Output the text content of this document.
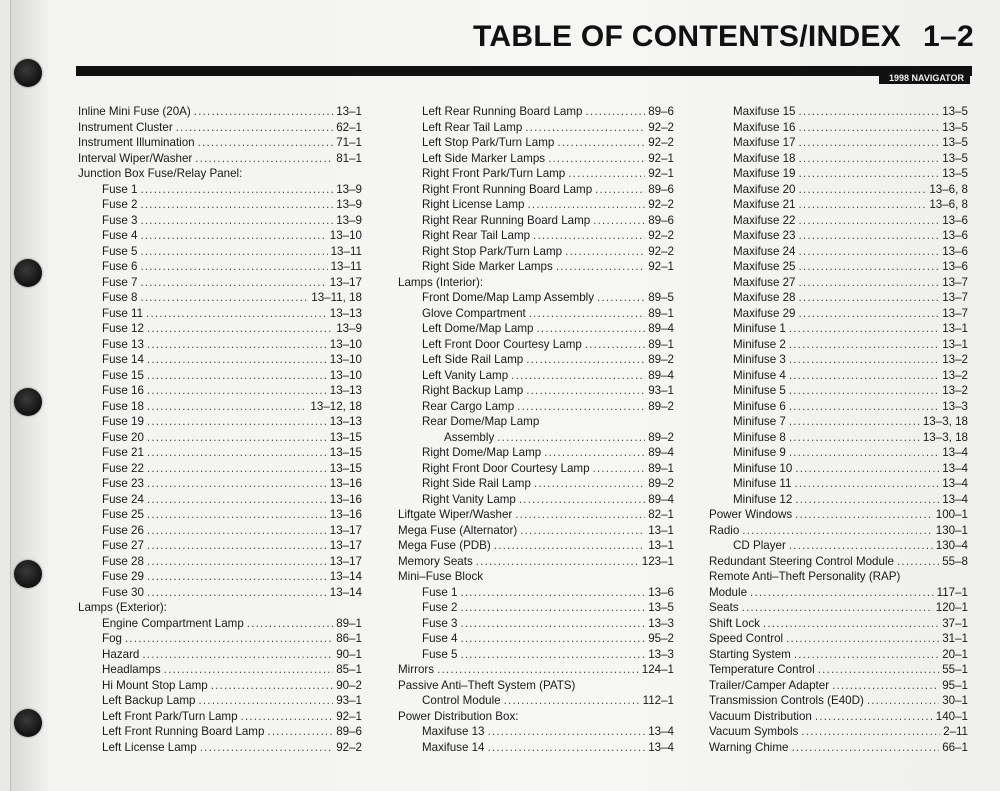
TABLE OF CONTENTS/INDEX 1–2
1998 NAVIGATOR
Inline Mini Fuse (20A) .....	13–1
Instrument Cluster .....	62–1
Instrument Illumination .....	71–1
Interval Wiper/Washer .....	81–1
Junction Box Fuse/Relay Panel:
Fuse 1 .....	13–9
Fuse 2 .....	13–9
Fuse 3 .....	13–9
Fuse 4 .....	13–10
Fuse 5 .....	13–11
Fuse 6 .....	13–11
Fuse 7 .....	13–17
Fuse 8 .....	13–11, 18
Fuse 11 .....	13–13
Fuse 12 .....	13–9
Fuse 13 .....	13–10
Fuse 14 .....	13–10
Fuse 15 .....	13–10
Fuse 16 .....	13–13
Fuse 18 .....	13–12, 18
Fuse 19 .....	13–13
Fuse 20 .....	13–15
Fuse 21 .....	13–15
Fuse 22 .....	13–15
Fuse 23 .....	13–16
Fuse 24 .....	13–16
Fuse 25 .....	13–16
Fuse 26 .....	13–17
Fuse 27 .....	13–17
Fuse 28 .....	13–17
Fuse 29 .....	13–14
Fuse 30 .....	13–14
Lamps (Exterior):
Engine Compartment Lamp .....	89–1
Fog .....	86–1
Hazard .....	90–1
Headlamps .....	85–1
Hi Mount Stop Lamp .....	90–2
Left Backup Lamp .....	93–1
Left Front Park/Turn Lamp .....	92–1
Left Front Running Board Lamp .....	89–6
Left License Lamp .....	92–2
Left Rear Running Board Lamp .....	89–6
Left Rear Tail Lamp .....	92–2
Left Stop Park/Turn Lamp .....	92–2
Left Side Marker Lamps .....	92–1
Right Front Park/Turn Lamp .....	92–1
Right Front Running Board Lamp .....	89–6
Right License Lamp .....	92–2
Right Rear Running Board Lamp .....	89–6
Right Rear Tail Lamp .....	92–2
Right Stop Park/Turn Lamp .....	92–2
Right Side Marker Lamps .....	92–1
Lamps (Interior):
Front Dome/Map Lamp Assembly .....	89–5
Glove Compartment .....	89–1
Left Dome/Map Lamp .....	89–4
Left Front Door Courtesy Lamp .....	89–1
Left Side Rail Lamp .....	89–2
Left Vanity Lamp .....	89–4
Right Backup Lamp .....	93–1
Rear Cargo Lamp .....	89–2
Rear Dome/Map Lamp
Assembly .....	89–2
Right Dome/Map Lamp .....	89–4
Right Front Door Courtesy Lamp .....	89–1
Right Side Rail Lamp .....	89–2
Right Vanity Lamp .....	89–4
Liftgate Wiper/Washer .....	82–1
Mega Fuse (Alternator) .....	13–1
Mega Fuse (PDB) .....	13–1
Memory Seats .....	123–1
Mini–Fuse Block
Fuse 1 .....	13–6
Fuse 2 .....	13–5
Fuse 3 .....	13–3
Fuse 4 .....	95–2
Fuse 5 .....	13–3
Mirrors .....	124–1
Passive Anti–Theft System (PATS)
Control Module .....	112–1
Power Distribution Box:
Maxifuse 13 .....	13–4
Maxifuse 14 .....	13–4
Maxifuse 15 .....	13–5
Maxifuse 16 .....	13–5
Maxifuse 17 .....	13–5
Maxifuse 18 .....	13–5
Maxifuse 19 .....	13–5
Maxifuse 20 .....	13–6, 8
Maxifuse 21 .....	13–6, 8
Maxifuse 22 .....	13–6
Maxifuse 23 .....	13–6
Maxifuse 24 .....	13–6
Maxifuse 25 .....	13–6
Maxifuse 27 .....	13–7
Maxifuse 28 .....	13–7
Maxifuse 29 .....	13–7
Minifuse 1 .....	13–1
Minifuse 2 .....	13–1
Minifuse 3 .....	13–2
Minifuse 4 .....	13–2
Minifuse 5 .....	13–2
Minifuse 6 .....	13–3
Minifuse 7 .....	13–3, 18
Minifuse 8 .....	13–3, 18
Minifuse 9 .....	13–4
Minifuse 10 .....	13–4
Minifuse 11 .....	13–4
Minifuse 12 .....	13–4
Power Windows .....	100–1
Radio .....	130–1
CD Player .....	130–4
Redundant Steering Control Module .....	55–8
Remote Anti–Theft Personality (RAP)
Module .....	117–1
Seats .....	120–1
Shift Lock .....	37–1
Speed Control .....	31–1
Starting System .....	20–1
Temperature Control .....	55–1
Trailer/Camper Adapter .....	95–1
Transmission Controls (E40D) .....	30–1
Vacuum Distribution .....	140–1
Vacuum Symbols .....	2–11
Warning Chime .....	66–1
